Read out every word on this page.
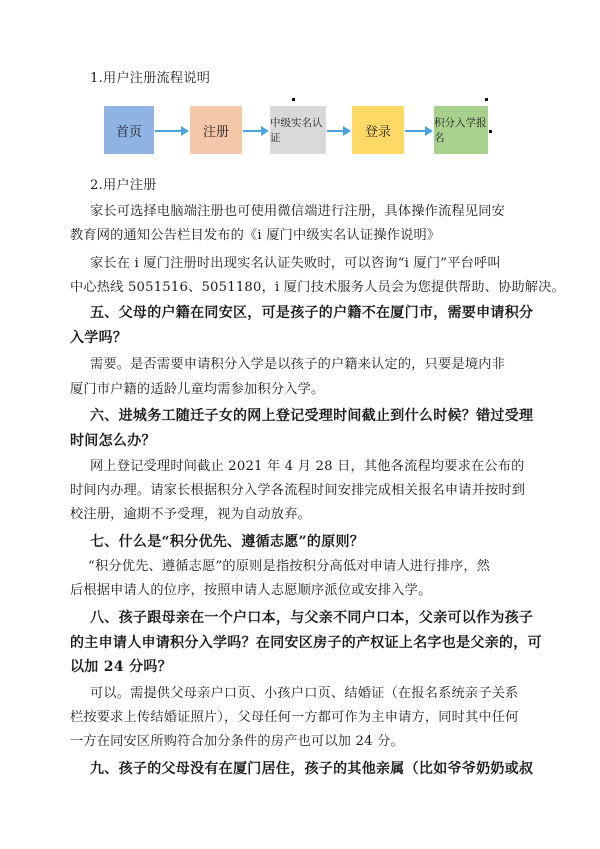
1.用户注册流程说明
首页	注册
中级实名认证	登录
积分入学报名
2.用户注册
家长可选择电脑端注册也可使用微信端进行注册，具体操作流程见同安
教育网的通知公告栏目发布的《i 厦门中级实名认证操作说明》
家长在 i 厦门注册时出现实名认证失败时，可以咨询“i 厦门”平台呼叫
中心热线 5051516、5051180，i 厦门技术服务人员会为您提供帮助、协助解决。
五、父母的户籍在同安区，可是孩子的户籍不在厦门市，需要申请积分
入学吗？
需要。是否需要申请积分入学是以孩子的户籍来认定的，只要是境内非
厦门市户籍的适龄儿童均需参加积分入学。
六、进城务工随迁子女的网上登记受理时间截止到什么时候？错过受理
时间怎么办？
网上登记受理时间截止 2021 年 4 月 28 日，其他各流程均要求在公布的
时间内办理。请家长根据积分入学各流程时间安排完成相关报名申请并按时到
校注册，逾期不予受理，视为自动放弃。
七、什么是“积分优先、遵循志愿”的原则？
“积分优先、遵循志愿”的原则是指按积分高低对申请人进行排序，然
后根据申请人的位序，按照申请人志愿顺序派位或安排入学。
八、孩子跟母亲在一个户口本，与父亲不同户口本，父亲可以作为孩子
的主申请人申请积分入学吗？在同安区房子的产权证上名字也是父亲的，可
以加 24 分吗？
可以。需提供父母亲户口页、小孩户口页、结婚证（在报名系统亲子关系
栏按要求上传结婚证照片），父母任何一方都可作为主申请方，同时其中任何
一方在同安区所购符合加分条件的房产也可以加 24 分。
九、孩子的父母没有在厦门居住，孩子的其他亲属（比如爷爷奶奶或叔
